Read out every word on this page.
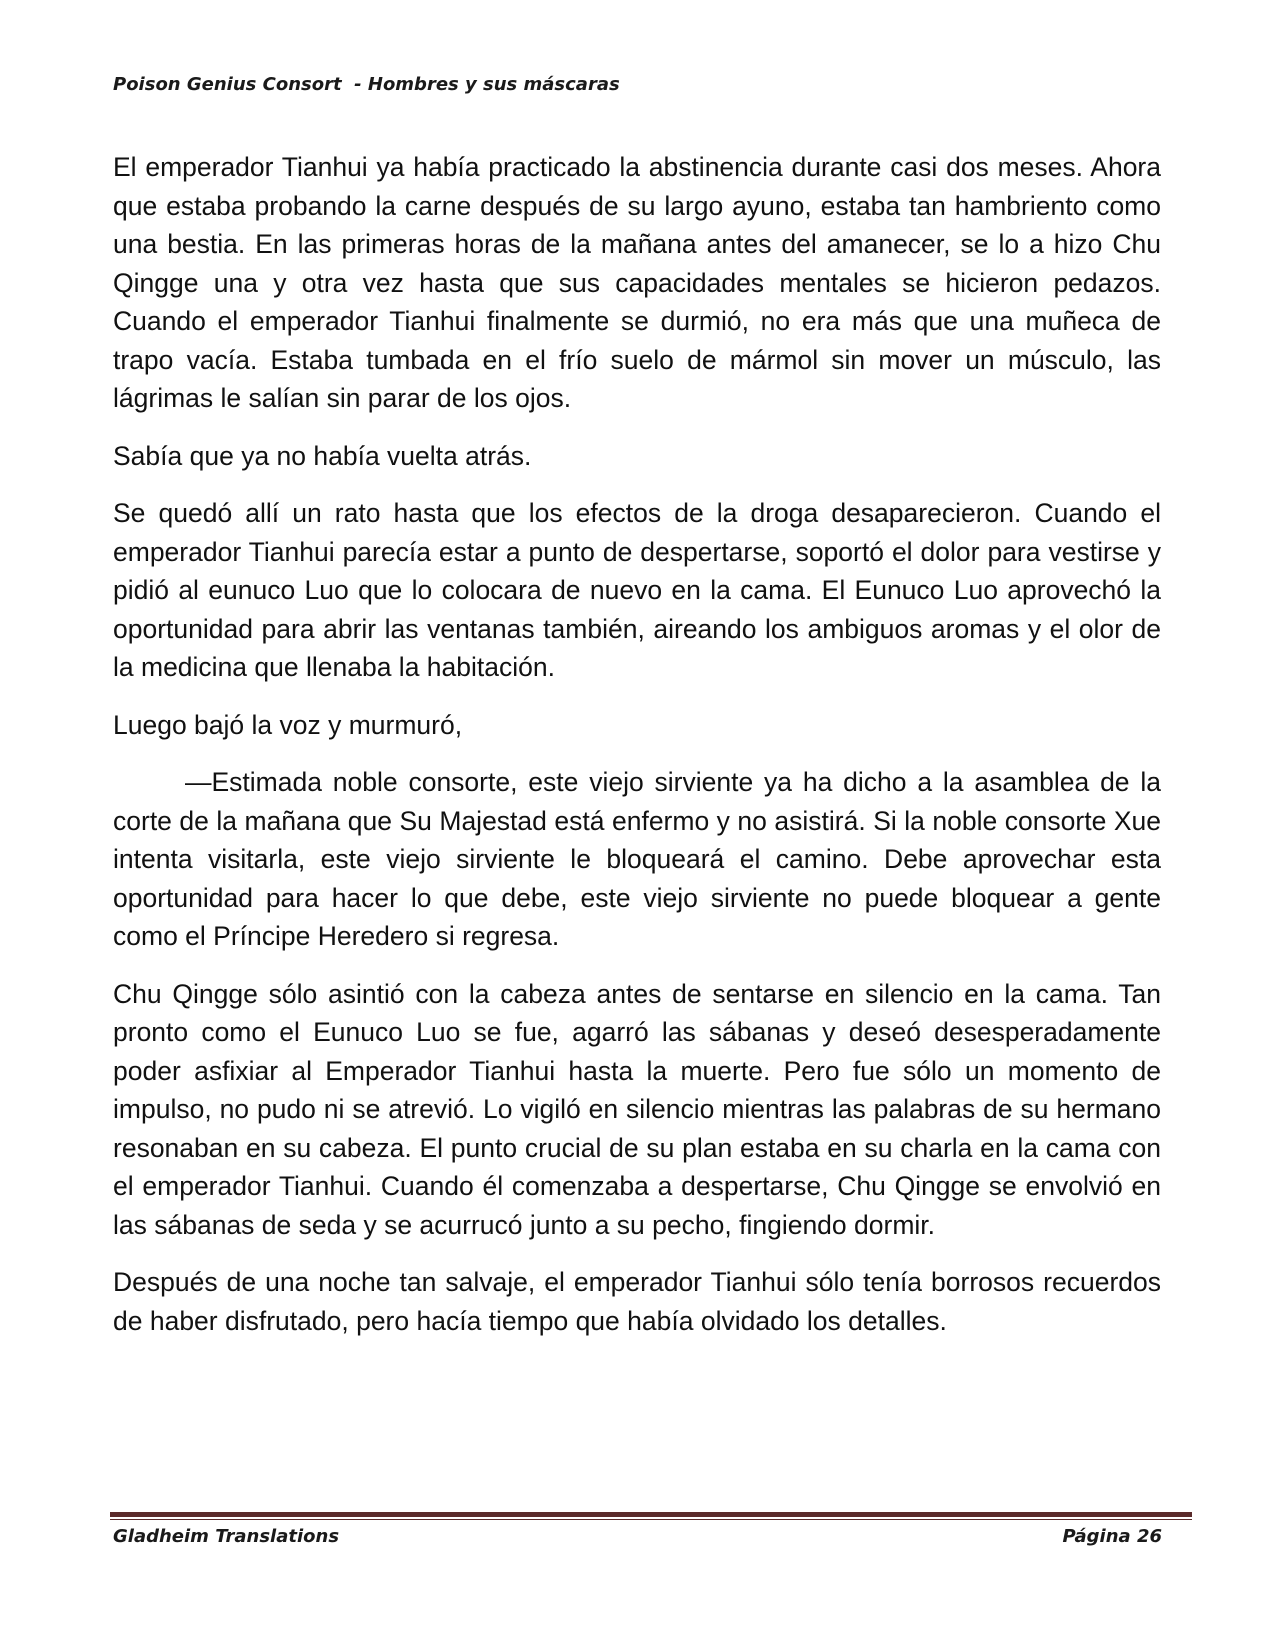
Poison Genius Consort  - Hombres y sus máscaras

El emperador Tianhui ya había practicado la abstinencia durante casi dos meses. Ahora que estaba probando la carne después de su largo ayuno, estaba tan hambriento como una bestia. En las primeras horas de la mañana antes del amanecer, se lo a hizo Chu Qingge una y otra vez hasta que sus capacidades mentales se hicieron pedazos. Cuando el emperador Tianhui finalmente se durmió, no era más que una muñeca de trapo vacía. Estaba tumbada en el frío suelo de mármol sin mover un músculo, las lágrimas le salían sin parar de los ojos.

Sabía que ya no había vuelta atrás.

Se quedó allí un rato hasta que los efectos de la droga desaparecieron. Cuando el emperador Tianhui parecía estar a punto de despertarse, soportó el dolor para vestirse y pidió al eunuco Luo que lo colocara de nuevo en la cama. El Eunuco Luo aprovechó la oportunidad para abrir las ventanas también, aireando los ambiguos aromas y el olor de la medicina que llenaba la habitación.

Luego bajó la voz y murmuró,

—Estimada noble consorte, este viejo sirviente ya ha dicho a la asamblea de la corte de la mañana que Su Majestad está enfermo y no asistirá. Si la noble consorte Xue intenta visitarla, este viejo sirviente le bloqueará el camino. Debe aprovechar esta oportunidad para hacer lo que debe, este viejo sirviente no puede bloquear a gente como el Príncipe Heredero si regresa.

Chu Qingge sólo asintió con la cabeza antes de sentarse en silencio en la cama. Tan pronto como el Eunuco Luo se fue, agarró las sábanas y deseó desesperadamente poder asfixiar al Emperador Tianhui hasta la muerte. Pero fue sólo un momento de impulso, no pudo ni se atrevió. Lo vigiló en silencio mientras las palabras de su hermano resonaban en su cabeza. El punto crucial de su plan estaba en su charla en la cama con el emperador Tianhui. Cuando él comenzaba a despertarse, Chu Qingge se envolvió en las sábanas de seda y se acurrucó junto a su pecho, fingiendo dormir.

Después de una noche tan salvaje, el emperador Tianhui sólo tenía borrosos recuerdos de haber disfrutado, pero hacía tiempo que había olvidado los detalles.

Gladheim Translations	Página 26
